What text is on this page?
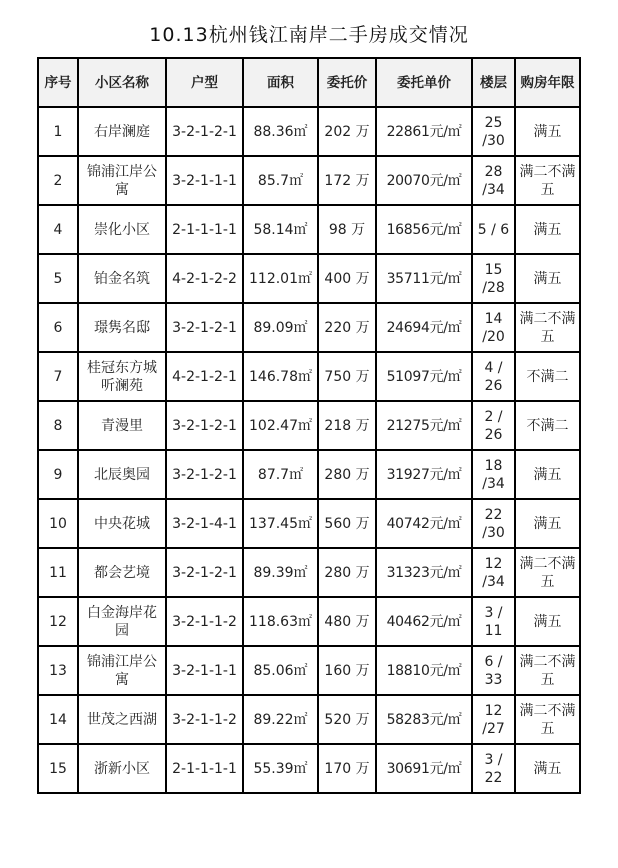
10.13杭州钱江南岸二手房成交情况
序号	小区名称	户型	面积	委托价	委托单价	楼层	购房年限
1	右岸澜庭	3-2-1-2-1	88.36㎡	202 万	22861元/㎡	25 /30	满五
2	锦浦江岸公寓	3-2-1-1-1	85.7㎡	172 万	20070元/㎡	28 /34	满二不满五
4	崇化小区	2-1-1-1-1	58.14㎡	98 万	16856元/㎡	5 / 6	满五
5	铂金名筑	4-2-1-2-2	112.01㎡	400 万	35711元/㎡	15 /28	满五
6	璟隽名邸	3-2-1-2-1	89.09㎡	220 万	24694元/㎡	14 /20	满二不满五
7	桂冠东方城听澜苑	4-2-1-2-1	146.78㎡	750 万	51097元/㎡	4 / 26	不满二
8	青漫里	3-2-1-2-1	102.47㎡	218 万	21275元/㎡	2 / 26	不满二
9	北辰奥园	3-2-1-2-1	87.7㎡	280 万	31927元/㎡	18 /34	满五
10	中央花城	3-2-1-4-1	137.45㎡	560 万	40742元/㎡	22 /30	满五
11	都会艺境	3-2-1-2-1	89.39㎡	280 万	31323元/㎡	12 /34	满二不满五
12	白金海岸花园	3-2-1-1-2	118.63㎡	480 万	40462元/㎡	3 / 11	满五
13	锦浦江岸公寓	3-2-1-1-1	85.06㎡	160 万	18810元/㎡	6 / 33	满二不满五
14	世茂之西湖	3-2-1-1-2	89.22㎡	520 万	58283元/㎡	12 /27	满二不满五
15	浙新小区	2-1-1-1-1	55.39㎡	170 万	30691元/㎡	3 / 22	满五
